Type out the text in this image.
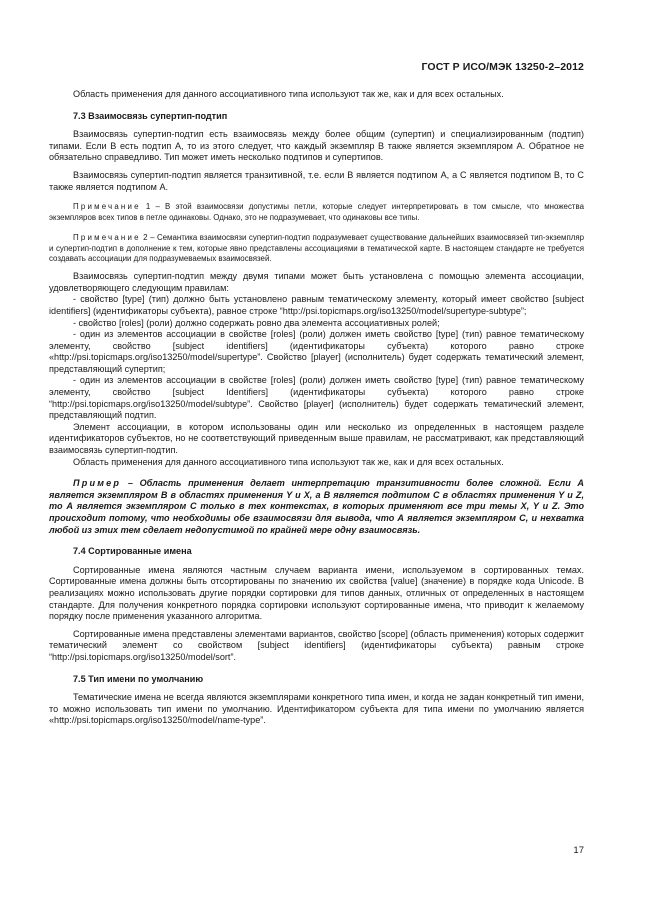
ГОСТ Р ИСО/МЭК 13250-2–2012

Область применения для данного ассоциативного типа используют так же, как и для всех остальных.

7.3 Взаимосвязь супертип-подтип

Взаимосвязь супертип-подтип есть взаимосвязь между более общим (супертип) и специализированным (подтип) типами. Если В есть подтип А, то из этого следует, что каждый экземпляр В также является экземпляром А. Обратное не обязательно справедливо. Тип может иметь несколько подтипов и супертипов.

Взаимосвязь супертип-подтип является транзитивной, т.е. если В является подтипом А, а С является подтипом В, то С также является подтипом А.

Примечание 1 – В этой взаимосвязи допустимы петли, которые следует интерпретировать в том смысле, что множества экземпляров всех типов в петле одинаковы. Однако, это не подразумевает, что одинаковы все типы.

Примечание 2 – Семантика взаимосвязи супертип-подтип подразумевает существование дальнейших взаимосвязей тип-экземпляр и супертип-подтип в дополнение к тем, которые явно представлены ассоциациями в тематической карте. В настоящем стандарте не требуется создавать ассоциации для подразумеваемых взаимосвязей.

Взаимосвязь супертип-подтип между двумя типами может быть установлена с помощью элемента ассоциации, удовлетворяющего следующим правилам:

- свойство [type] (тип) должно быть установлено равным тематическому элементу, который имеет свойство [subject identifiers] (идентификаторы субъекта), равное строке “http://psi.topicmaps.org/iso13250/model/supertype-subtype”;

- свойство [roles] (роли) должно содержать ровно два элемента ассоциативных ролей;

- один из элементов ассоциации в свойстве [roles] (роли) должен иметь свойство [type] (тип) равное тематическому элементу, свойство [subject identifiers] (идентификаторы субъекта) которого равно строке «http://psi.topicmaps.org/iso13250/model/supertype”. Свойство [player] (исполнитель) будет содержать тематический элемент, представляющий супертип;

- один из элементов ассоциации в свойстве [roles] (роли) должен иметь свойство [type] (тип) равное тематическому элементу, свойство [subject Identifiers] (идентификаторы субъекта) которого равно строке “http://psi.topicmaps.org/iso13250/model/subtype”. Свойство [player] (исполнитель) будет содержать тематический элемент, представляющий подтип.

Элемент ассоциации, в котором использованы один или несколько из определенных в настоящем разделе идентификаторов субъектов, но не соответствующий приведенным выше правилам, не рассматривают, как представляющий взаимосвязь супертип-подтип.

Область применения для данного ассоциативного типа используют так же, как и для всех остальных.

Пример – Область применения делает интерпретацию транзитивности более сложной. Если А является экземпляром В в областях применения Y и X, а В является подтипом С в областях применения Y и Z, то А является экземпляром С только в тех контекстах, в которых применяют все три темы X, Y и Z. Это происходит потому, что необходимы обе взаимосвязи для вывода, что А является экземпляром С, и нехватка любой из этих тем сделает недопустимой по крайней мере одну взаимосвязь.

7.4 Сортированные имена

Сортированные имена являются частным случаем варианта имени, используемом в сортированных темах. Сортированные имена должны быть отсортированы по значению их свойства [value] (значение) в порядке кода Unicode. В реализациях можно использовать другие порядки сортировки для типов данных, отличных от определенных в настоящем стандарте. Для получения конкретного порядка сортировки используют сортированные имена, что приводит к желаемому порядку после применения указанного алгоритма.

Сортированные имена представлены элементами вариантов, свойство [scope] (область применения) которых содержит тематический элемент со свойством [subject identifiers] (идентификаторы субъекта) равным строке “http://psi.topicmaps.org/iso13250/model/sort”.

7.5 Тип имени по умолчанию

Тематические имена не всегда являются экземплярами конкретного типа имен, и когда не задан конкретный тип имени, то можно использовать тип имени по умолчанию. Идентификатором субъекта для типа имени по умолчанию является «http://psi.topicmaps.org/iso13250/model/name-type”.

17
